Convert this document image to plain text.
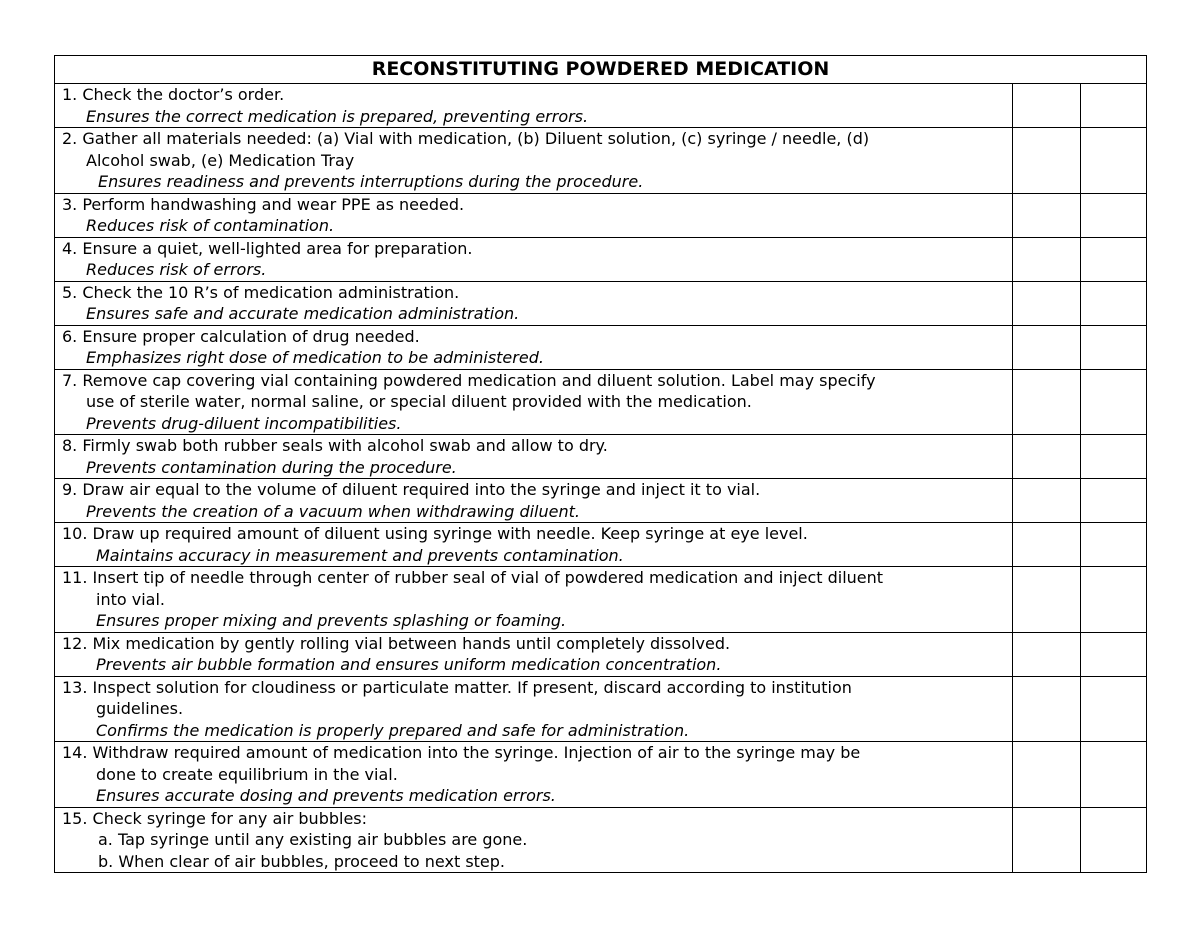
RECONSTITUTING POWDERED MEDICATION		

1. Check the doctor’s order.
Ensures the correct medication is prepared, preventing errors.		

2. Gather all materials needed: (a) Vial with medication, (b) Diluent solution, (c) syringe / needle, (d)
Alcohol swab, (e) Medication Tray
Ensures readiness and prevents interruptions during the procedure.		

3. Perform handwashing and wear PPE as needed.
Reduces risk of contamination.		

4. Ensure a quiet, well-lighted area for preparation.
Reduces risk of errors.		

5. Check the 10 R’s of medication administration.
Ensures safe and accurate medication administration.		

6. Ensure proper calculation of drug needed.
Emphasizes right dose of medication to be administered.		

7. Remove cap covering vial containing powdered medication and diluent solution. Label may specify
use of sterile water, normal saline, or special diluent provided with the medication.
Prevents drug-diluent incompatibilities.		

8. Firmly swab both rubber seals with alcohol swab and allow to dry.
Prevents contamination during the procedure.		

9. Draw air equal to the volume of diluent required into the syringe and inject it to vial.
Prevents the creation of a vacuum when withdrawing diluent.		

10. Draw up required amount of diluent using syringe with needle. Keep syringe at eye level.
Maintains accuracy in measurement and prevents contamination.		

11. Insert tip of needle through center of rubber seal of vial of powdered medication and inject diluent
into vial.
Ensures proper mixing and prevents splashing or foaming.		

12. Mix medication by gently rolling vial between hands until completely dissolved.
Prevents air bubble formation and ensures uniform medication concentration.		

13. Inspect solution for cloudiness or particulate matter. If present, discard according to institution
guidelines.
Confirms the medication is properly prepared and safe for administration.		

14. Withdraw required amount of medication into the syringe. Injection of air to the syringe may be
done to create equilibrium in the vial.
Ensures accurate dosing and prevents medication errors.		

15. Check syringe for any air bubbles:
a. Tap syringe until any existing air bubbles are gone.
b. When clear of air bubbles, proceed to next step.		
